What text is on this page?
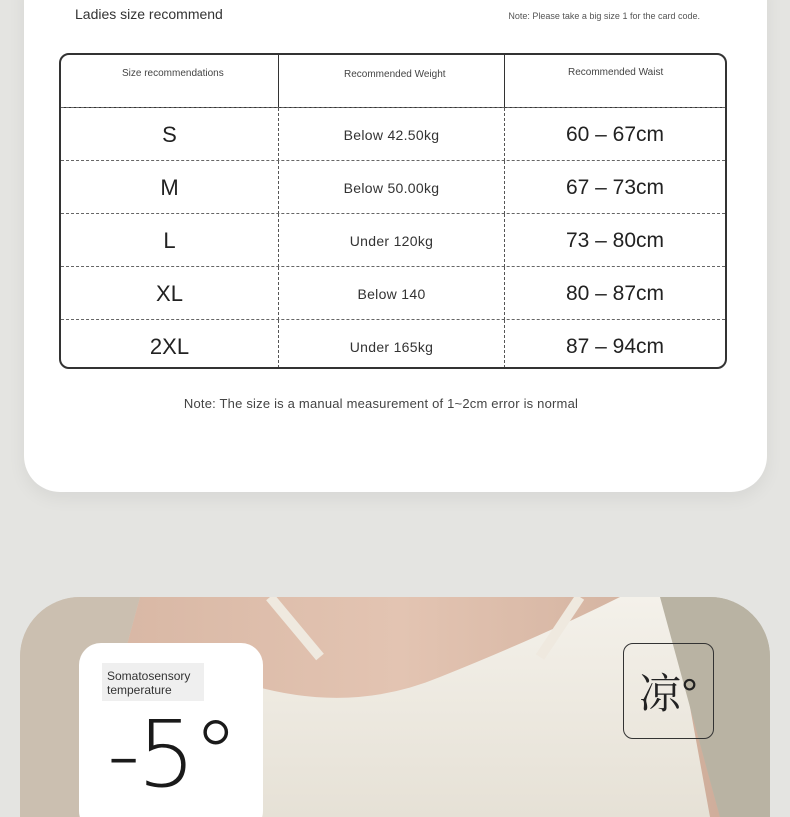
Ladies size recommend	Note: Please take a big size 1 for the card code.
Size recommendations	Recommended Weight	Recommended Waist
S	Below 42.50kg	60 – 67cm
M	Below 50.00kg	67 – 73cm
L	Under 120kg	73 – 80cm
XL	Below 140	80 – 87cm
2XL	Under 165kg	87 – 94cm
Note: The size is a manual measurement of 1~2cm error is normal
Somatosensory temperature
-5°
凉°
